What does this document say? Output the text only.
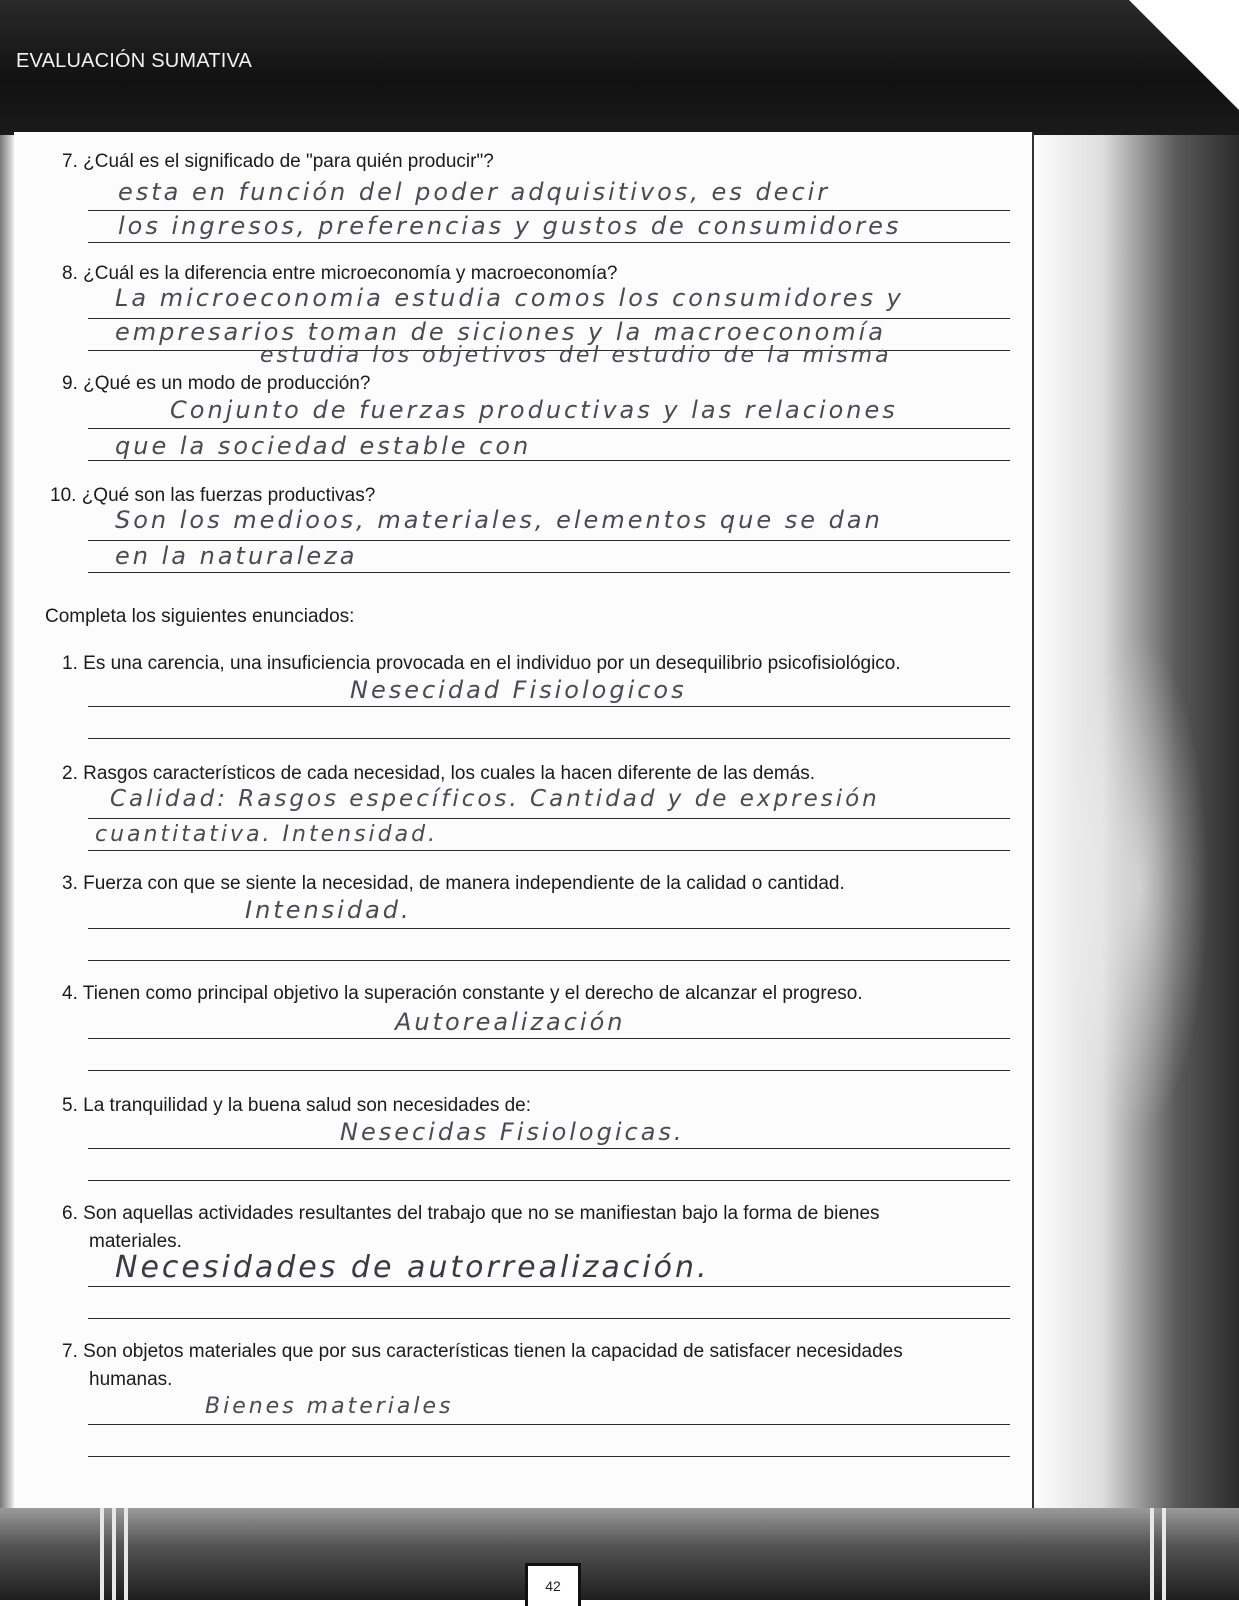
EVALUACIÓN SUMATIVA

7. ¿Cuál es el significado de "para quién producir"?

esta en función del poder adquisitivos, es decir
los ingresos, preferencias y gustos de consumidores

8. ¿Cuál es la diferencia entre microeconomía y macroeconomía?

La microeconomia estudia comos los consumidores y
empresarios toman de siciones y la macroeconomía
estudia los objetivos del estudio de la misma

9. ¿Qué es un modo de producción?

Conjunto de fuerzas productivas y las relaciones
que la sociedad estable con

10. ¿Qué son las fuerzas productivas?

Son los medioos, materiales, elementos que se dan
en la naturaleza
Completa los siguientes enunciados:

1. Es una carencia, una insuficiencia provocada en el individuo por un desequilibrio psicofisiológico.

Nesecidad Fisiologicos

2. Rasgos característicos de cada necesidad, los cuales la hacen diferente de las demás.

Calidad: Rasgos específicos. Cantidad y de expresión
cuantitativa. Intensidad.

3. Fuerza con que se siente la necesidad, de manera independiente de la calidad o cantidad.

Intensidad.

4. Tienen como principal objetivo la superación constante y el derecho de alcanzar el progreso.

Autorealización

5. La tranquilidad y la buena salud son necesidades de:

Nesecidas Fisiologicas.

6. Son aquellas actividades resultantes del trabajo que no se manifiestan bajo la forma de bienes
materiales.

Necesidades de autorrealización.

7. Son objetos materiales que por sus características tienen la capacidad de satisfacer necesidades
humanas.

Bienes materiales
42
